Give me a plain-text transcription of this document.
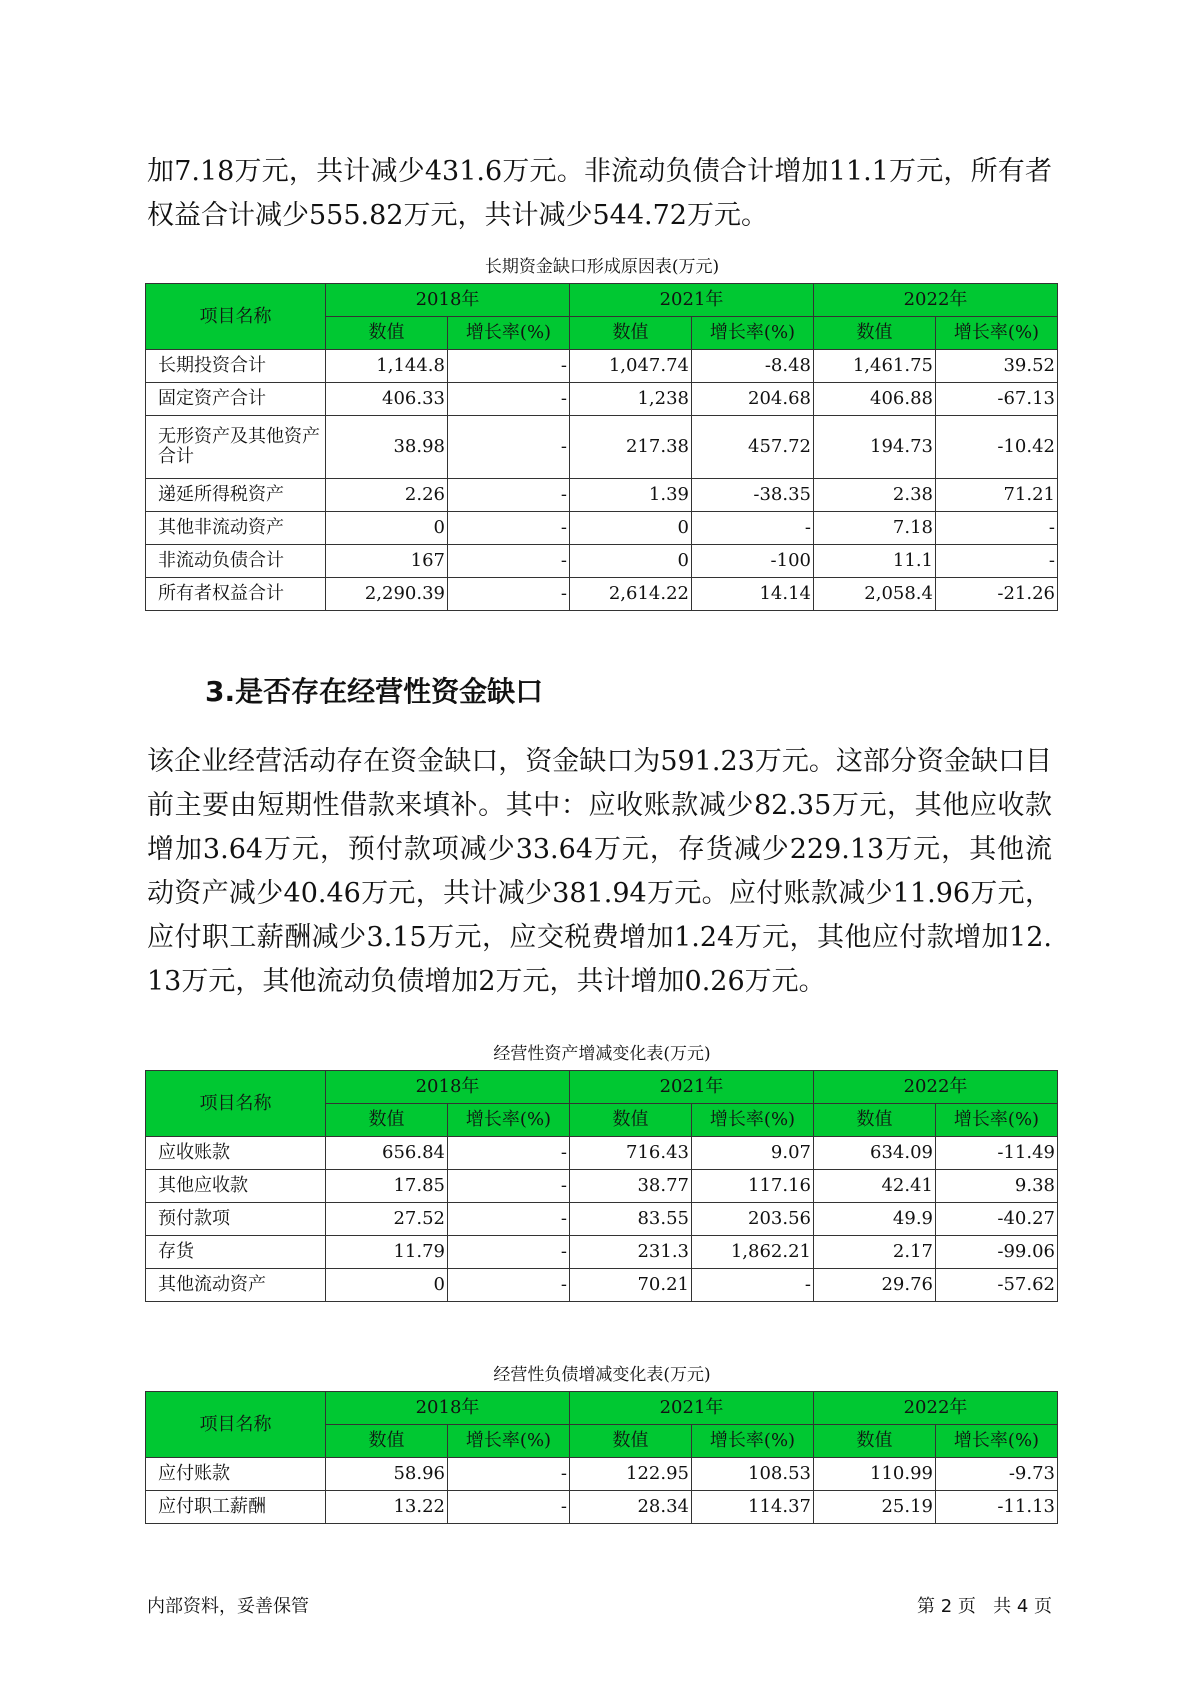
加7.18万元，共计减少431.6万元。非流动负债合计增加11.1万元，所有者权益合计减少555.82万元，共计减少544.72万元。

长期资金缺口形成原因表(万元)
项目名称	2018年		2021年		2022年	
	数值	增长率(%)	数值	增长率(%)	数值	增长率(%)
长期投资合计	1,144.8	-	1,047.74	-8.48	1,461.75	39.52
固定资产合计	406.33	-	1,238	204.68	406.88	-67.13
无形资产及其他资产合计	38.98	-	217.38	457.72	194.73	-10.42
递延所得税资产	2.26	-	1.39	-38.35	2.38	71.21
其他非流动资产	0	-	0	-	7.18	-
非流动负债合计	167	-	0	-100	11.1	-
所有者权益合计	2,290.39	-	2,614.22	14.14	2,058.4	-21.26
3.是否存在经营性资金缺口

该企业经营活动存在资金缺口，资金缺口为591.23万元。这部分资金缺口目前主要由短期性借款来填补。其中：应收账款减少82.35万元，其他应收款增加3.64万元，预付款项减少33.64万元，存货减少229.13万元，其他流动资产减少40.46万元，共计减少381.94万元。应付账款减少11.96万元，应付职工薪酬减少3.15万元，应交税费增加1.24万元，其他应付款增加12.13万元，其他流动负债增加2万元，共计增加0.26万元。

经营性资产增减变化表(万元)
项目名称	2018年		2021年		2022年	
	数值	增长率(%)	数值	增长率(%)	数值	增长率(%)
应收账款	656.84	-	716.43	9.07	634.09	-11.49
其他应收款	17.85	-	38.77	117.16	42.41	9.38
预付款项	27.52	-	83.55	203.56	49.9	-40.27
存货	11.79	-	231.3	1,862.21	2.17	-99.06
其他流动资产	0	-	70.21	-	29.76	-57.62
经营性负债增减变化表(万元)
项目名称	2018年		2021年		2022年	
	数值	增长率(%)	数值	增长率(%)	数值	增长率(%)
应付账款	58.96	-	122.95	108.53	110.99	-9.73
应付职工薪酬	13.22	-	28.34	114.37	25.19	-11.13
内部资料，妥善保管	第 2 页   共 4 页
